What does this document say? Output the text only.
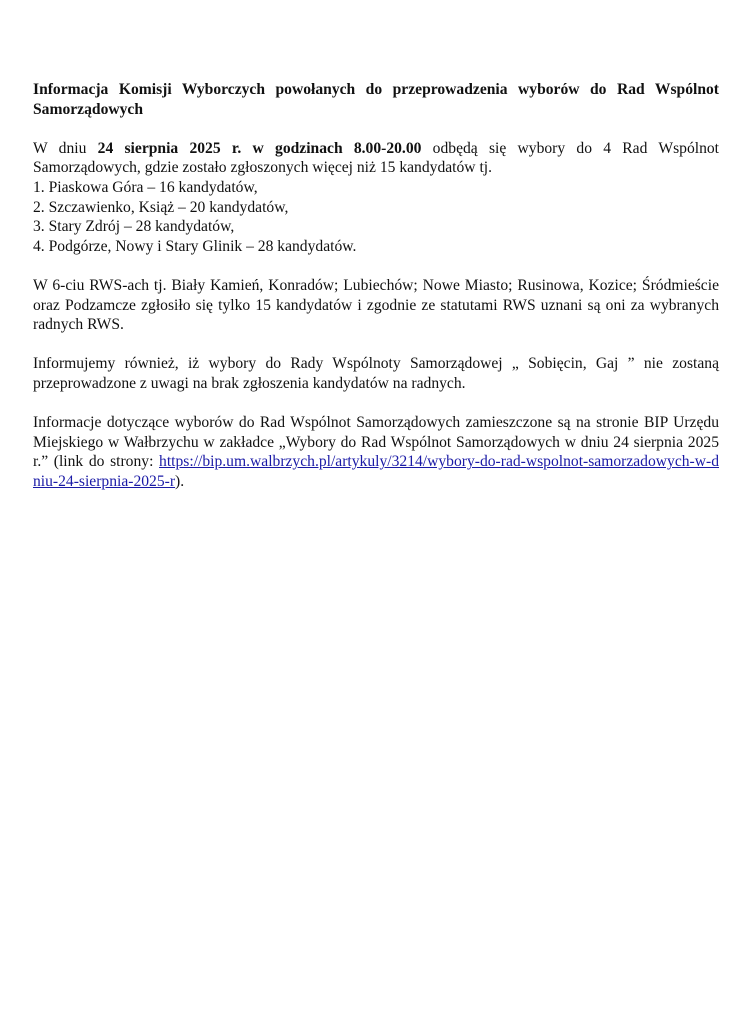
Informacja Komisji Wyborczych powołanych do przeprowadzenia wyborów do Rad Wspólnot Samorządowych

W dniu 24 sierpnia 2025 r. w godzinach 8.00-20.00 odbędą się wybory do 4 Rad Wspólnot Samorządowych, gdzie zostało zgłoszonych więcej niż 15 kandydatów tj.

1. Piaskowa Góra – 16 kandydatów,
2. Szczawienko, Książ – 20 kandydatów,
3. Stary Zdrój – 28 kandydatów,
4. Podgórze, Nowy i Stary Glinik – 28 kandydatów.

W 6-ciu RWS-ach tj. Biały Kamień, Konradów; Lubiechów; Nowe Miasto; Rusinowa, Kozice; Śródmieście oraz Podzamcze zgłosiło się tylko 15 kandydatów i zgodnie ze statutami RWS uznani są oni za wybranych radnych RWS.

Informujemy również, iż wybory do Rady Wspólnoty Samorządowej „ Sobięcin, Gaj ” nie zostaną przeprowadzone z uwagi na brak zgłoszenia kandydatów na radnych.

Informacje dotyczące wyborów do Rad Wspólnot Samorządowych zamieszczone są na stronie BIP Urzędu Miejskiego w Wałbrzychu w zakładce „Wybory do Rad Wspólnot Samorządowych w dniu 24 sierpnia 2025 r.” (link do strony: https://bip.um.walbrzych.pl/artykuly/3214/wybory-do-rad-wspolnot-samorzadowych-w-dniu-24-sierpnia-2025-r).
